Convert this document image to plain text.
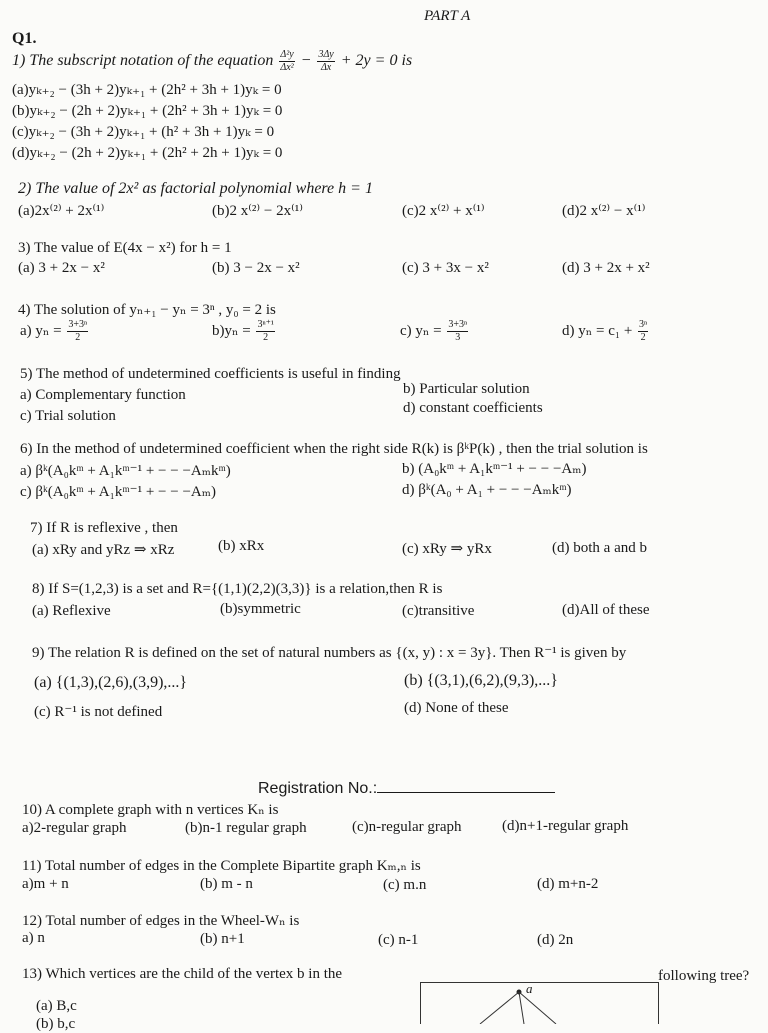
PART A
Q1.
1) The subscript notation of the equation $\frac{\text{Δ²y}}{\text{Δx²}} - \frac{3\Delta y}{\Delta x} + 2y = 0$ is
(a)yₖ₊₂ − (3h + 2)yₖ₊₁ + (2h² + 3h + 1)yₖ = 0
(b)yₖ₊₂ − (2h + 2)yₖ₊₁ + (2h² + 3h + 1)yₖ = 0
(c)yₖ₊₂ − (3h + 2)yₖ₊₁ + (h² + 3h + 1)yₖ = 0
(d)yₖ₊₂ − (2h + 2)yₖ₊₁ + (2h² + 2h + 1)yₖ = 0
2) The value of 2x² as factorial polynomial where h = 1
(a)2x⁽²⁾ + 2x⁽¹⁾	(b)2 x⁽²⁾ − 2x⁽¹⁾	(c)2 x⁽²⁾ + x⁽¹⁾	(d)2 x⁽²⁾ − x⁽¹⁾
3) The value of E(4x − x²) for h = 1
(a) 3 + 2x − x²	(b) 3 − 2x − x²	(c) 3 + 3x − x²	(d) 3 + 2x + x²
4) The solution of yₙ₊₁ − yₙ = 3ⁿ , y₀ = 2 is
a) $y_n = \frac{\text{3+3ⁿ}}{2}$	$b)y_n = \frac{\text{3ⁿ⁺¹}}{2}$	c) $y_n = \frac{\text{3+3ⁿ}}{3}$	d) $y_n = c_1 + \frac{\text{3ⁿ}}{2}$
5) The method of undetermined coefficients is useful in finding
a) Complementary function	b) Particular solution
c) Trial solution	d) constant coefficients
6) In the method of undetermined coefficient when the right side R(k) is βᵏP(k) , then the trial solution is
a) βᵏ(A₀kᵐ + A₁kᵐ⁻¹ + − − −Aₘkᵐ)	b) (A₀kᵐ + A₁kᵐ⁻¹ + − − −Aₘ)
c) βᵏ(A₀kᵐ + A₁kᵐ⁻¹ + − − −Aₘ)	d) βᵏ(A₀ + A₁ + − − −Aₘkᵐ)
7) If R is reflexive , then
(a) xRy and yRz ⇒ xRz	(b) xRx	(c) xRy ⇒ yRx	(d) both a and b
8) If S=(1,2,3) is a set and R={(1,1)(2,2)(3,3)} is a relation,then R is
(a) Reflexive	(b)symmetric	(c)transitive	(d)All of these
9) The relation R is defined on the set of natural numbers as {(x, y) : x = 3y}. Then R⁻¹ is given by
(a) {(1,3),(2,6),(3,9),...}	(b) {(3,1),(6,2),(9,3),...}
(c) R⁻¹ is not defined	(d) None of these
Registration No.:
10) A complete graph with n vertices Kₙ is
a)2-regular graph	(b)n-1 regular graph	(c)n-regular graph	(d)n+1-regular graph
11) Total number of edges in the Complete Bipartite graph Kₘ,ₙ is
a)m + n	(b) m - n	(c) m.n	(d) m+n-2
12) Total number of edges in the Wheel-Wₙ is
a) n	(b) n+1	(c) n-1	(d) 2n
13) Which vertices are the child of the vertex b in the	following tree?
(a) B,c
(b) b,c
a
